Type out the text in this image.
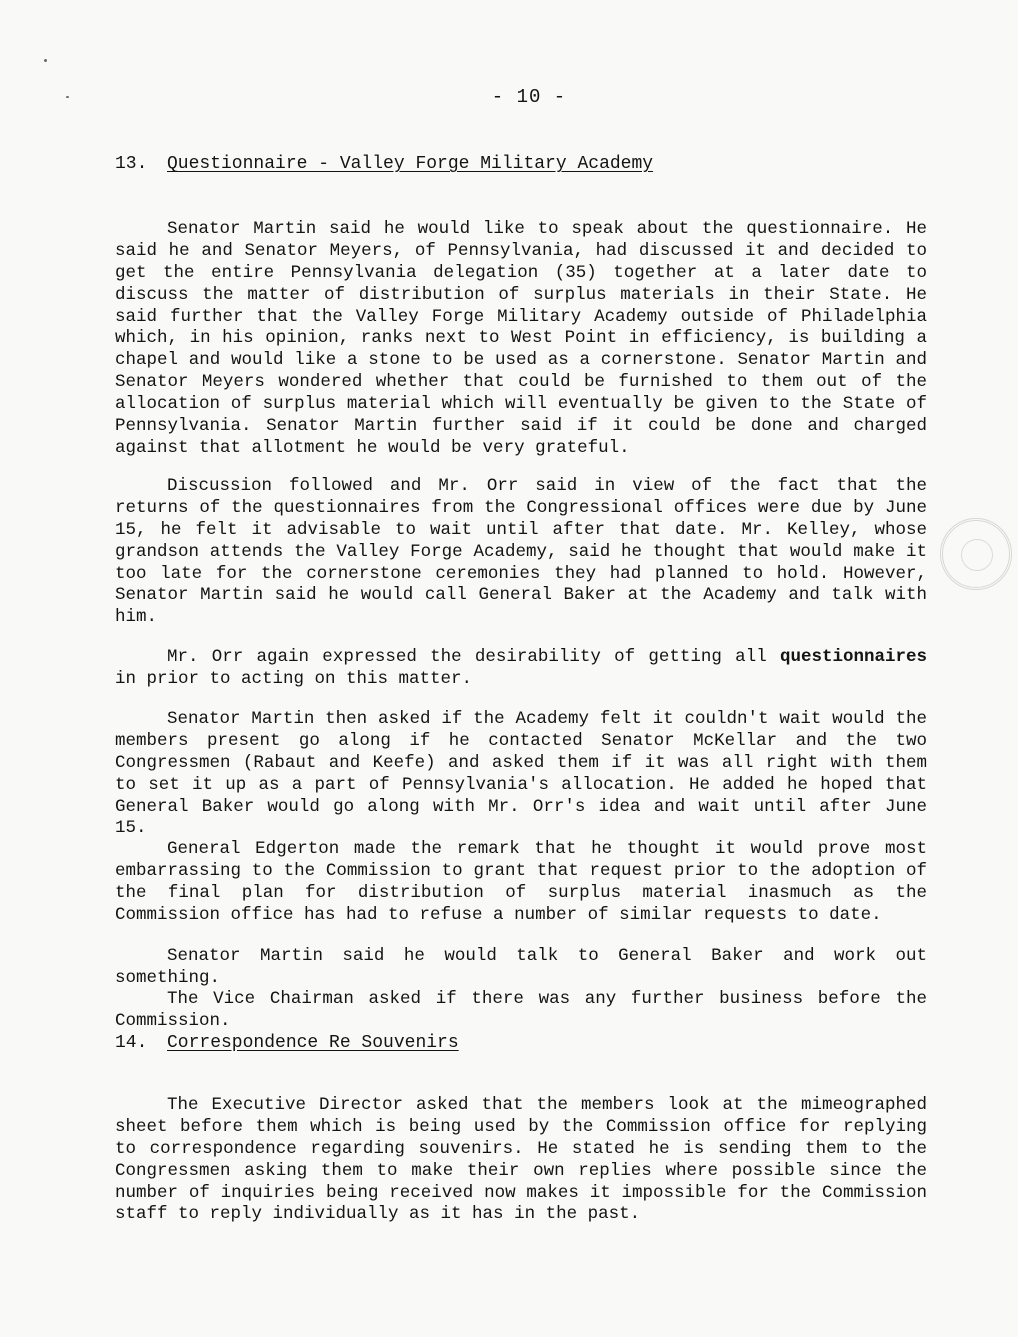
- 10 -
13. Questionnaire - Valley Forge Military Academy

Senator Martin said he would like to speak about the questionnaire. He said he and Senator Meyers, of Pennsylvania, had discussed it and decided to get the entire Pennsylvania delegation (35) together at a later date to discuss the matter of distribution of surplus materials in their State. He said further that the Valley Forge Military Academy outside of Philadelphia which, in his opinion, ranks next to West Point in efficiency, is building a chapel and would like a stone to be used as a cornerstone. Senator Martin and Senator Meyers wondered whether that could be furnished to them out of the allocation of surplus material which will eventually be given to the State of Pennsylvania. Senator Martin further said if it could be done and charged against that allotment he would be very grateful.

Discussion followed and Mr. Orr said in view of the fact that the returns of the questionnaires from the Congressional offices were due by June 15, he felt it advisable to wait until after that date. Mr. Kelley, whose grandson attends the Valley Forge Academy, said he thought that would make it too late for the cornerstone ceremonies they had planned to hold. However, Senator Martin said he would call General Baker at the Academy and talk with him.

Mr. Orr again expressed the desirability of getting all questionnaires in prior to acting on this matter.

Senator Martin then asked if the Academy felt it couldn't wait would the members present go along if he contacted Senator McKellar and the two Congressmen (Rabaut and Keefe) and asked them if it was all right with them to set it up as a part of Pennsylvania's allocation. He added he hoped that General Baker would go along with Mr. Orr's idea and wait until after June 15.

General Edgerton made the remark that he thought it would prove most embarrassing to the Commission to grant that request prior to the adoption of the final plan for distribution of surplus material inasmuch as the Commission office has had to refuse a number of similar requests to date.

Senator Martin said he would talk to General Baker and work out something.

The Vice Chairman asked if there was any further business before the Commission.

14. Correspondence Re Souvenirs

The Executive Director asked that the members look at the mimeographed sheet before them which is being used by the Commission office for replying to correspondence regarding souvenirs. He stated he is sending them to the Congressmen asking them to make their own replies where possible since the number of inquiries being received now makes it impossible for the Commission staff to reply individually as it has in the past.
